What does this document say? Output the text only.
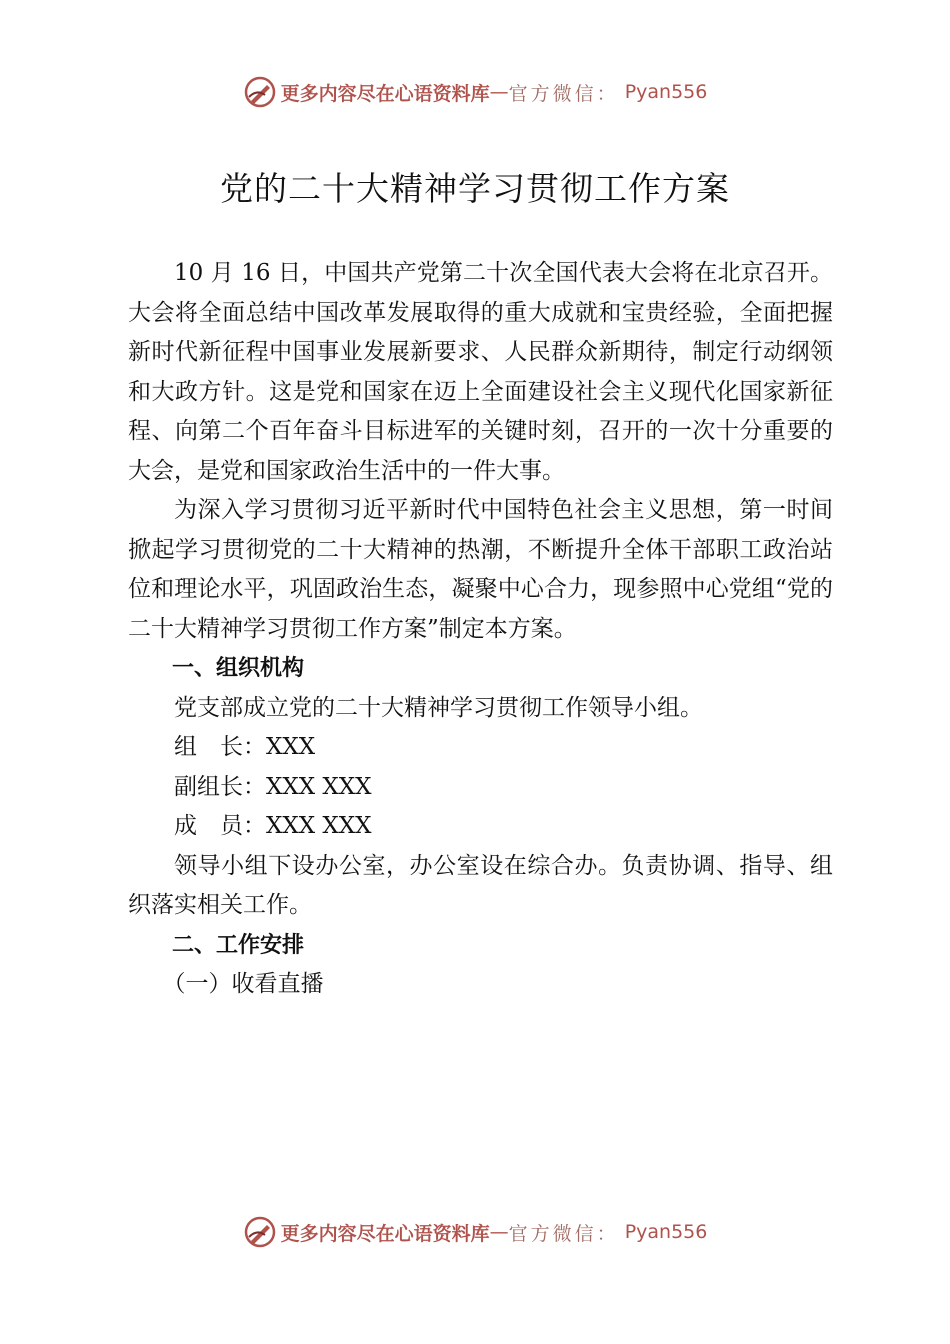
更多内容尽在心语资料库 — 官方微信： Pyan556
党的二十大精神学习贯彻工作方案

10 月 16 日，中国共产党第二十次全国代表大会将在北京召开。大会将全面总结中国改革发展取得的重大成就和宝贵经验，全面把握新时代新征程中国事业发展新要求、人民群众新期待，制定行动纲领和大政方针。这是党和国家在迈上全面建设社会主义现代化国家新征程、向第二个百年奋斗目标进军的关键时刻，召开的一次十分重要的大会，是党和国家政治生活中的一件大事。

为深入学习贯彻习近平新时代中国特色社会主义思想，第一时间掀起学习贯彻党的二十大精神的热潮，不断提升全体干部职工政治站位和理论水平，巩固政治生态，凝聚中心合力，现参照中心党组“党的二十大精神学习贯彻工作方案”制定本方案。

一、组织机构

党支部成立党的二十大精神学习贯彻工作领导小组。

组　长：XXX

副组长：XXX XXX

成　员：XXX XXX

领导小组下设办公室，办公室设在综合办。负责协调、指导、组织落实相关工作。

二、工作安排

（一）收看直播

更多内容尽在心语资料库 — 官方微信： Pyan556
